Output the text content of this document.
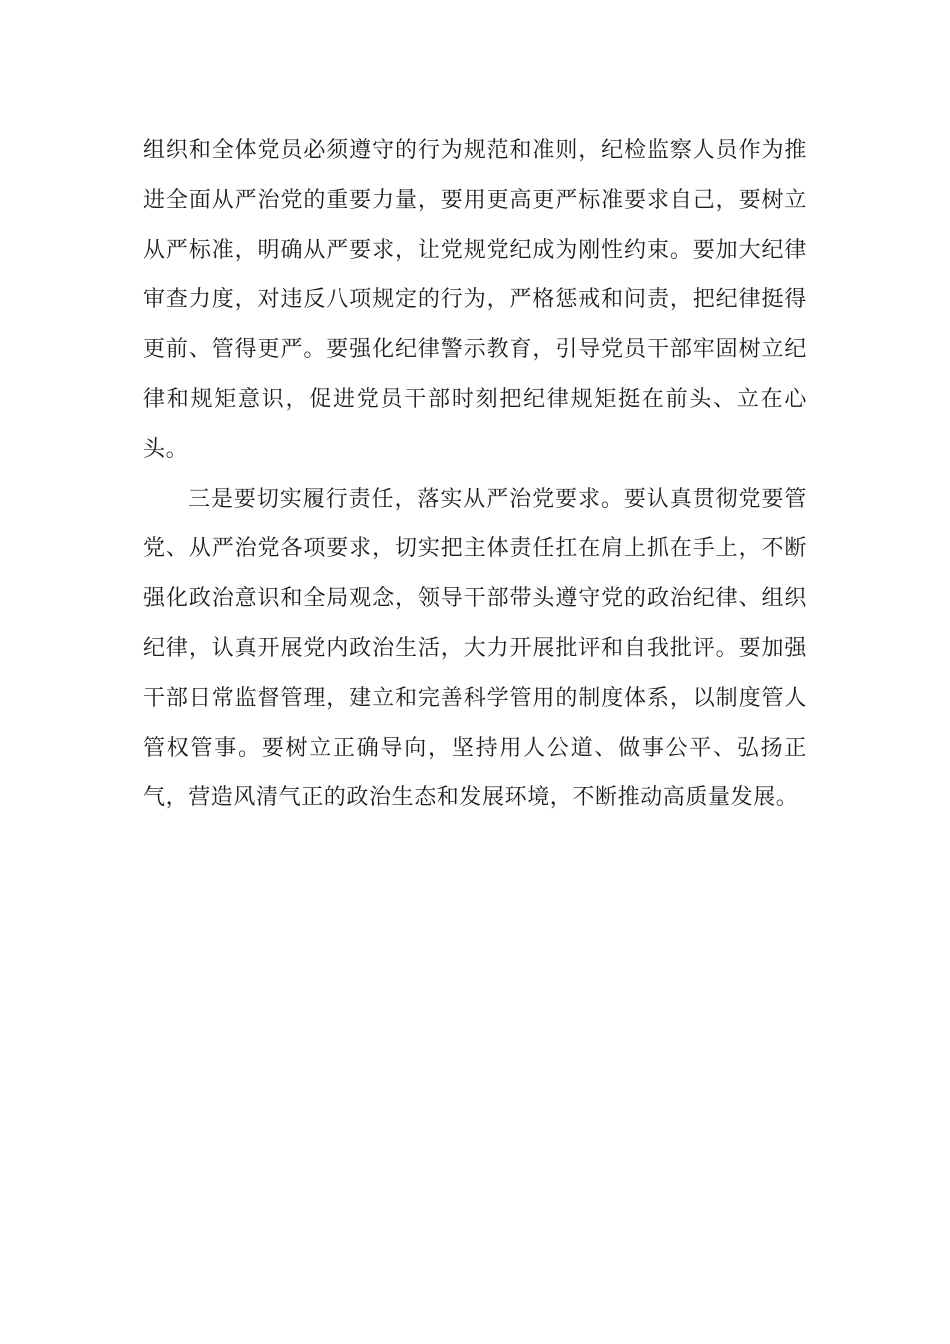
组织和全体党员必须遵守的行为规范和准则，纪检监察人员作为推进全面从严治党的重要力量，要用更高更严标准要求自己，要树立从严标准，明确从严要求，让党规党纪成为刚性约束。要加大纪律审查力度，对违反八项规定的行为，严格惩戒和问责，把纪律挺得更前、管得更严。要强化纪律警示教育，引导党员干部牢固树立纪律和规矩意识，促进党员干部时刻把纪律规矩挺在前头、立在心头。

三是要切实履行责任，落实从严治党要求。要认真贯彻党要管党、从严治党各项要求，切实把主体责任扛在肩上抓在手上，不断强化政治意识和全局观念，领导干部带头遵守党的政治纪律、组织纪律，认真开展党内政治生活，大力开展批评和自我批评。要加强干部日常监督管理，建立和完善科学管用的制度体系，以制度管人管权管事。要树立正确导向，坚持用人公道、做事公平、弘扬正气，营造风清气正的政治生态和发展环境，不断推动高质量发展。
